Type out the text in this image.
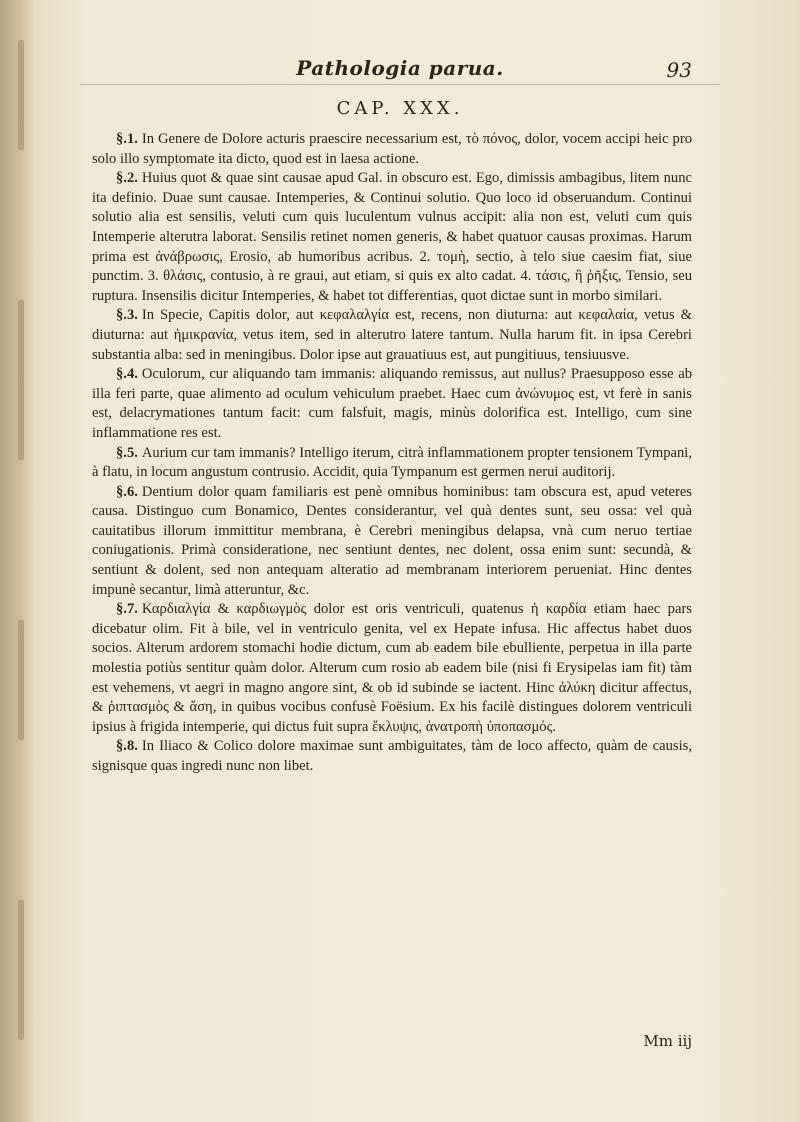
Pathologia parua.	93
CAP. XXX.

§.1. In Genere de Dolore acturis praescire necessarium est, τὸ πόνος, dolor, vocem accipi heic pro solo illo symptomate ita dicto, quod est in laesa actione.

§.2. Huius quot & quae sint causae apud Gal. in obscuro est. Ego, dimissis ambagibus, litem nunc ita definio. Duae sunt causae. Intemperies, & Continui solutio. Quo loco id obseruandum. Continui solutio alia est sensilis, veluti cum quis luculentum vulnus accipit: alia non est, veluti cum quis Intemperie alterutra laborat. Sensilis retinet nomen generis, & habet quatuor causas proximas. Harum prima est ἀνάβρωσις, Erosio, ab humoribus acribus. 2. τομὴ, sectio, à telo siue caesim fiat, siue punctim. 3. θλάσις, contusio, à re graui, aut etiam, si quis ex alto cadat. 4. τάσις, ἢ ῥῆξις, Tensio, seu ruptura. Insensilis dicitur Intemperies, & habet tot differentias, quot dictae sunt in morbo similari.

§.3. In Specie, Capitis dolor, aut κεφαλαλγία est, recens, non diuturna: aut κεφαλαία, vetus & diuturna: aut ἡμικρανία, vetus item, sed in alterutro latere tantum. Nulla harum fit. in ipsa Cerebri substantia alba: sed in meningibus. Dolor ipse aut grauatiuus est, aut pungitiuus, tensiuusve.

§.4. Oculorum, cur aliquando tam immanis: aliquando remissus, aut nullus? Praesupposo esse ab illa feri parte, quae alimento ad oculum vehiculum praebet. Haec cum ἀνώνυμος est, vt ferè in sanis est, delacrymationes tantum facit: cum falsfuit, magis, minùs dolorifica est. Intelligo, cum sine inflammatione res est.

§.5. Aurium cur tam immanis? Intelligo iterum, citrà inflammationem propter tensionem Tympani, à flatu, in locum angustum contrusio. Accidit, quia Tympanum est germen nerui auditorij.

§.6. Dentium dolor quam familiaris est penè omnibus hominibus: tam obscura est, apud veteres causa. Distinguo cum Bonamico, Dentes considerantur, vel quà dentes sunt, seu ossa: vel quà cauitatibus illorum immittitur membrana, è Cerebri meningibus delapsa, vnà cum neruo tertiae coniugationis. Primà consideratione, nec sentiunt dentes, nec dolent, ossa enim sunt: secundà, & sentiunt & dolent, sed non antequam alteratio ad membranam interiorem perueniat. Hinc dentes impunè secantur, limà atteruntur, &c.

§.7. Καρδιαλγία & καρδιωγμὸς dolor est oris ventriculi, quatenus ἡ καρδία etiam haec pars dicebatur olim. Fit à bile, vel in ventriculo genita, vel ex Hepate infusa. Hic affectus habet duos socios. Alterum ardorem stomachi hodie dictum, cum ab eadem bile ebulliente, perpetua in illa parte molestia potiùs sentitur quàm dolor. Alterum cum rosio ab eadem bile (nisi fi Erysipelas iam fit) tàm est vehemens, vt aegri in magno angore sint, & ob id subinde se iactent. Hinc ἀλύκη dicitur affectus, & ῥιπτασμὸς & ἄση, in quibus vocibus confusè Foësium. Ex his facilè distingues dolorem ventriculi ipsius à frigida intemperie, qui dictus fuit supra ἔκλυψις, ἀνατροπὴ ὑποπασμός.

§.8. In Iliaco & Colico dolore maximae sunt ambiguitates, tàm de loco affecto, quàm de causis, signisque quas ingredi nunc non libet.

Mm iij
